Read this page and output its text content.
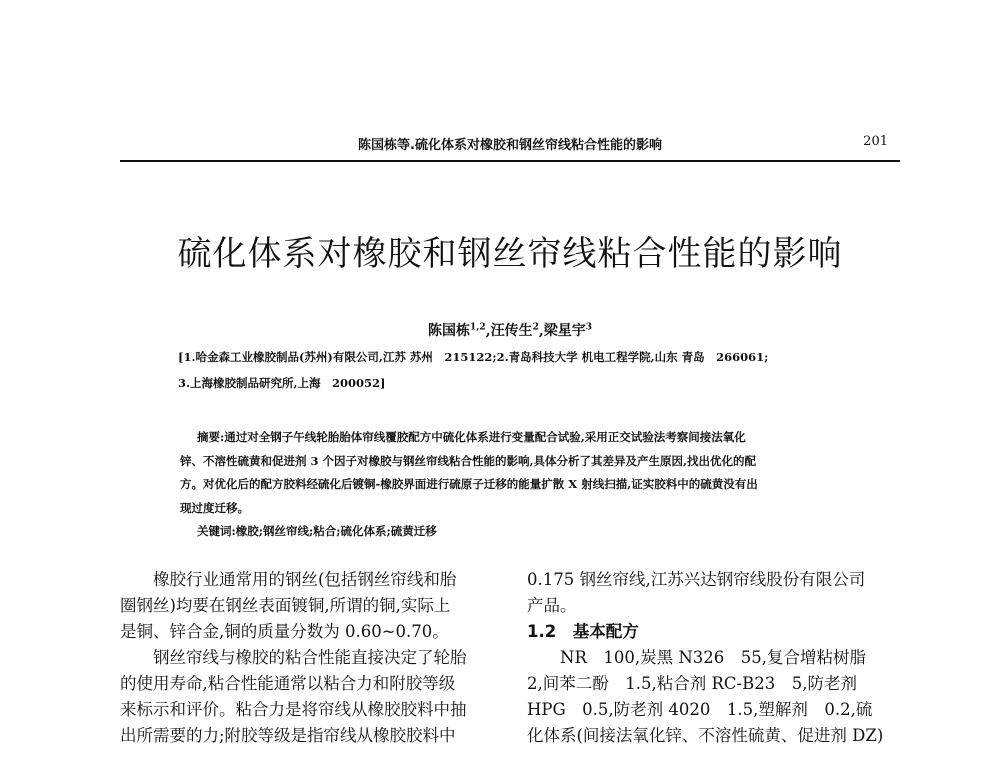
陈国栋等.硫化体系对橡胶和钢丝帘线粘合性能的影响	201
硫化体系对橡胶和钢丝帘线粘合性能的影响
陈国栋$^{1,2}$,汪传生$^2$,梁星宇$^3$
[1.哈金森工业橡胶制品(苏州)有限公司,江苏 苏州　215122;2.青岛科技大学 机电工程学院,山东 青岛　266061;
3.上海橡胶制品研究所,上海　200052]
摘要:通过对全钢子午线轮胎胎体帘线覆胶配方中硫化体系进行变量配合试验,采用正交试验法考察间接法氧化
锌、不溶性硫黄和促进剂 3 个因子对橡胶与钢丝帘线粘合性能的影响,具体分析了其差异及产生原因,找出优化的配
方。对优化后的配方胶料经硫化后镀铜-橡胶界面进行硫原子迁移的能量扩散 X 射线扫描,证实胶料中的硫黄没有出
现过度迁移。
关键词:橡胶;钢丝帘线;粘合;硫化体系;硫黄迁移
橡胶行业通常用的钢丝(包括钢丝帘线和胎
圈钢丝)均要在钢丝表面镀铜,所谓的铜,实际上
是铜、锌合金,铜的质量分数为 0.60~0.70。
钢丝帘线与橡胶的粘合性能直接决定了轮胎
的使用寿命,粘合性能通常以粘合力和附胶等级
来标示和评价。粘合力是将帘线从橡胶胶料中抽
出所需要的力;附胶等级是指帘线从橡胶胶料中
0.175 钢丝帘线,江苏兴达钢帘线股份有限公司
产品。
1.2　基本配方
NR　100,炭黑 N326　55,复合增粘树脂
2,间苯二酚　1.5,粘合剂 RC-B23　5,防老剂
HPG　0.5,防老剂 4020　1.5,塑解剂　0.2,硫
化体系(间接法氧化锌、不溶性硫黄、促进剂 DZ)
